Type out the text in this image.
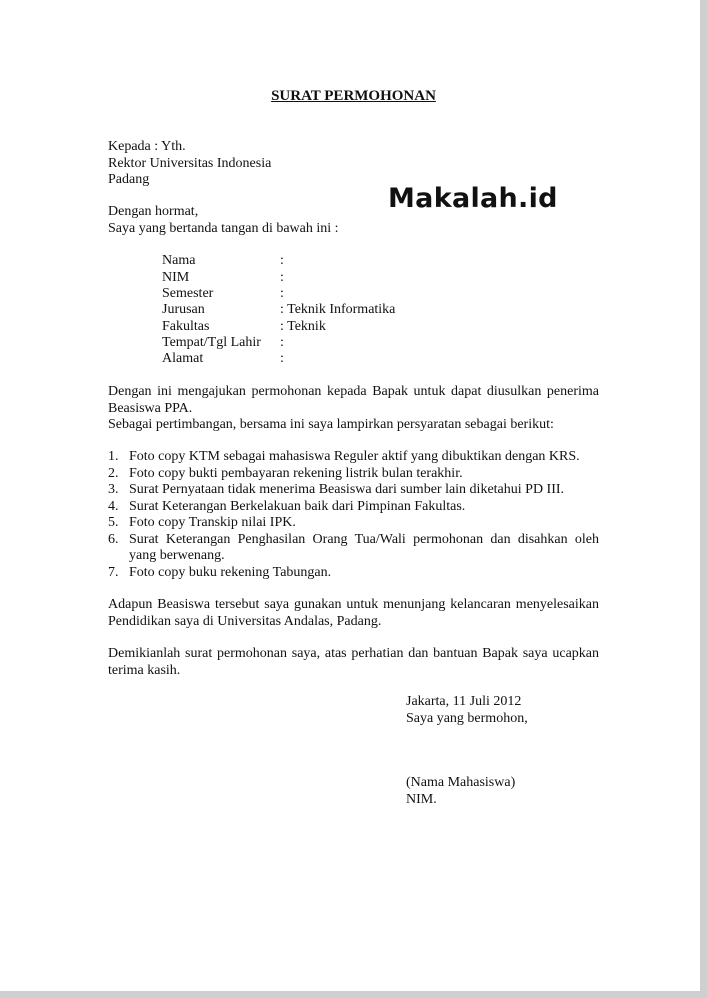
SURAT PERMOHONAN
Makalah.id
Kepada : Yth.
Rektor Universitas Indonesia
Padang
Dengan hormat,
Saya yang bertanda tangan di bawah ini :
Nama	:
NIM	:
Semester	:
Jurusan	: Teknik Informatika
Fakultas	: Teknik
Tempat/Tgl Lahir :
Alamat	:
Dengan ini mengajukan permohonan kepada Bapak untuk dapat diusulkan penerima Beasiswa PPA.
Sebagai pertimbangan, bersama ini saya lampirkan persyaratan sebagai berikut:
1. Foto copy KTM sebagai mahasiswa Reguler aktif yang dibuktikan dengan KRS.
2. Foto copy bukti pembayaran rekening listrik bulan terakhir.
3. Surat Pernyataan tidak menerima Beasiswa dari sumber lain diketahui PD III.
4. Surat Keterangan Berkelakuan baik dari Pimpinan Fakultas.
5. Foto copy Transkip nilai IPK.
6. Surat Keterangan Penghasilan Orang Tua/Wali permohonan dan disahkan oleh yang berwenang.
7. Foto copy buku rekening Tabungan.
Adapun Beasiswa tersebut saya gunakan untuk menunjang kelancaran menyelesaikan Pendidikan saya di Universitas Andalas, Padang.
Demikianlah surat permohonan saya, atas perhatian dan bantuan Bapak saya ucapkan terima kasih.
Jakarta, 11 Juli 2012
Saya yang bermohon,
(Nama Mahasiswa)
NIM.
